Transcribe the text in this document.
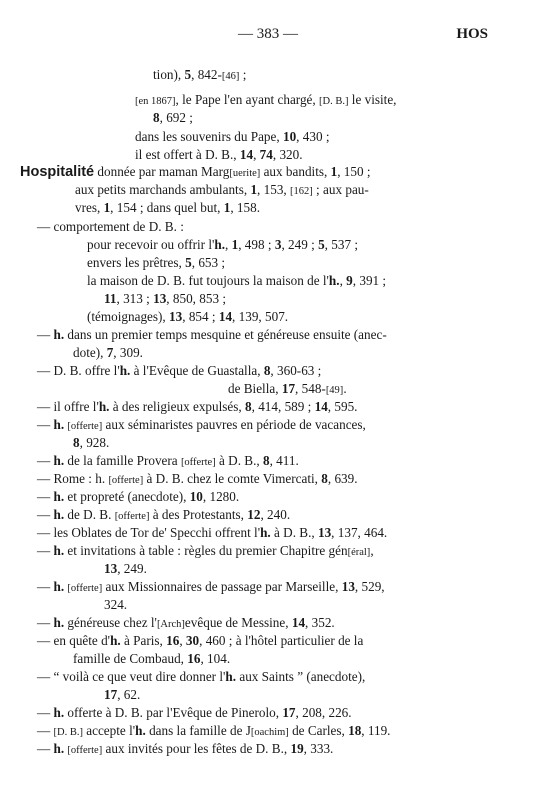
— 383 —	HOS
tion), 5, 842-[46] ;
[en 1867], le Pape l'en ayant chargé, [D. B.] le visite,
8, 692 ;
dans les souvenirs du Pape, 10, 430 ;
il est offert à D. B., 14, 74, 320.
Hospitalité donnée par maman Marg[uerite] aux bandits, 1, 150 ;
aux petits marchands ambulants, 1, 153, [162] ; aux pau-
vres, 1, 154 ; dans quel but, 1, 158.
— comportement de D. B. :
pour recevoir ou offrir l'h., 1, 498 ; 3, 249 ; 5, 537 ;
envers les prêtres, 5, 653 ;
la maison de D. B. fut toujours la maison de l'h., 9, 391 ;
11, 313 ; 13, 850, 853 ;
(témoignages), 13, 854 ; 14, 139, 507.
— h. dans un premier temps mesquine et généreuse ensuite (anec-
dote), 7, 309.
— D. B. offre l'h. à l'Evêque de Guastalla, 8, 360-63 ;
de Biella, 17, 548-[49].
— il offre l'h. à des religieux expulsés, 8, 414, 589 ; 14, 595.
— h. [offerte] aux séminaristes pauvres en période de vacances,
8, 928.
— h. de la famille Provera [offerte] à D. B., 8, 411.
— Rome : h. [offerte] à D. B. chez le comte Vimercati, 8, 639.
— h. et propreté (anecdote), 10, 1280.
— h. de D. B. [offerte] à des Protestants, 12, 240.
— les Oblates de Tor de' Specchi offrent l'h. à D. B., 13, 137, 464.
— h. et invitations à table : règles du premier Chapitre gén[éral],
13, 249.
— h. [offerte] aux Missionnaires de passage par Marseille, 13, 529,
324.
— h. généreuse chez l'[Arch]evêque de Messine, 14, 352.
— en quête d'h. à Paris, 16, 30, 460 ; à l'hôtel particulier de la
famille de Combaud, 16, 104.
— “ voilà ce que veut dire donner l'h. aux Saints ” (anecdote),
17, 62.
— h. offerte à D. B. par l'Evêque de Pinerolo, 17, 208, 226.
— [D. B.] accepte l'h. dans la famille de J[oachim] de Carles, 18, 119.
— h. [offerte] aux invités pour les fêtes de D. B., 19, 333.
